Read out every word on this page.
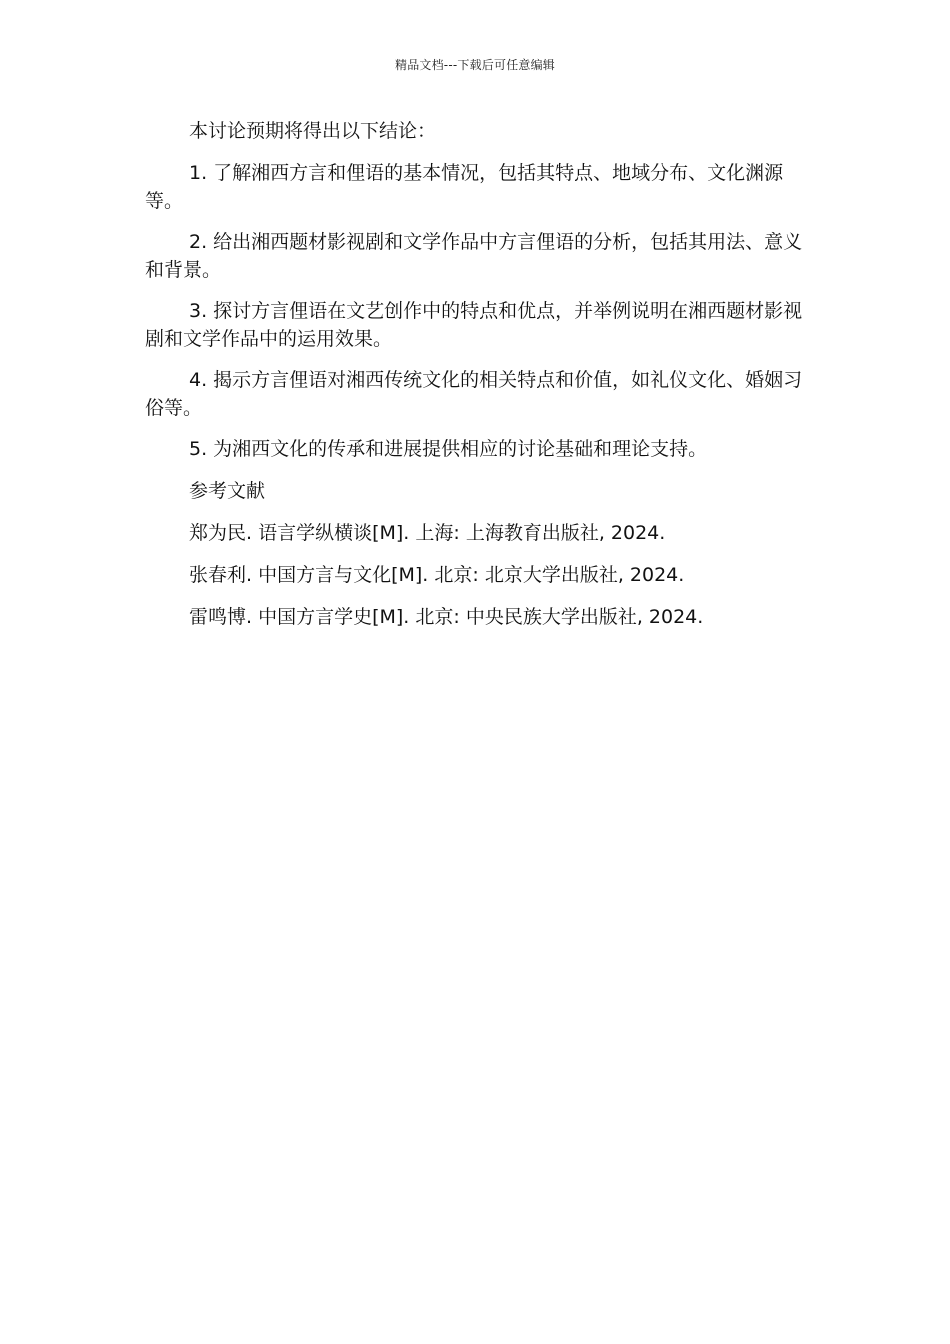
精品文档---下载后可任意编辑

本讨论预期将得出以下结论：

1. 了解湘西方言和俚语的基本情况，包括其特点、地域分布、文化渊源等。

2. 给出湘西题材影视剧和文学作品中方言俚语的分析，包括其用法、意义和背景。

3. 探讨方言俚语在文艺创作中的特点和优点，并举例说明在湘西题材影视剧和文学作品中的运用效果。

4. 揭示方言俚语对湘西传统文化的相关特点和价值，如礼仪文化、婚姻习俗等。

5. 为湘西文化的传承和进展提供相应的讨论基础和理论支持。

参考文献

郑为民. 语言学纵横谈[M]. 上海: 上海教育出版社, 2024.

张春利. 中国方言与文化[M]. 北京: 北京大学出版社, 2024.

雷鸣博. 中国方言学史[M]. 北京: 中央民族大学出版社, 2024.
